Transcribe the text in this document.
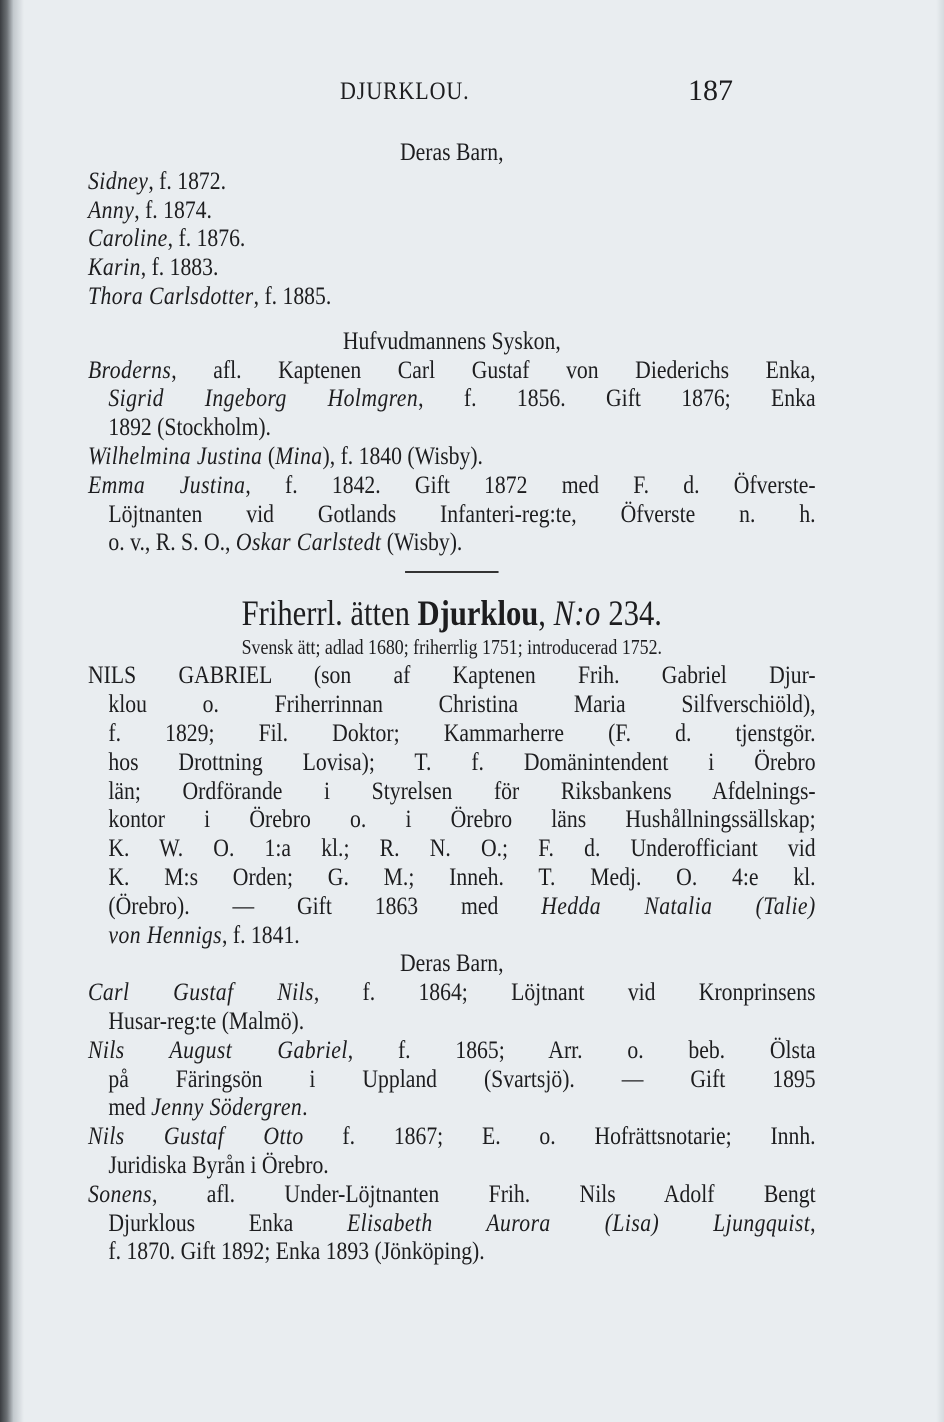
DJURKLOU.	187
Deras Barn,
Sidney, f. 1872.
Anny, f. 1874.
Caroline, f. 1876.
Karin, f. 1883.
Thora Carlsdotter, f. 1885.
Hufvudmannens Syskon,
Broderns, afl. Kaptenen Carl Gustaf von Diederichs Enka,
Sigrid Ingeborg Holmgren, f. 1856. Gift 1876; Enka
1892 (Stockholm).
Wilhelmina Justina (Mina), f. 1840 (Wisby).
Emma Justina, f. 1842. Gift 1872 med F. d. Öfverste-
Löjtnanten vid Gotlands Infanteri-reg:te, Öfverste n. h.
o. v., R. S. O., Oskar Carlstedt (Wisby).
Friherrl. ätten Djurklou, N:o 234.
Svensk ätt; adlad 1680; friherrlig 1751; introducerad 1752.
NILS GABRIEL (son af Kaptenen Frih. Gabriel Djur-
klou o. Friherrinnan Christina Maria Silfverschiöld),
f. 1829; Fil. Doktor; Kammarherre (F. d. tjenstgör.
hos Drottning Lovisa); T. f. Domänintendent i Örebro
län; Ordförande i Styrelsen för Riksbankens Afdelnings-
kontor i Örebro o. i Örebro läns Hushållningssällskap;
K. W. O. 1:a kl.; R. N. O.; F. d. Underofficiant vid
K. M:s Orden; G. M.; Inneh. T. Medj. O. 4:e kl.
(Örebro). — Gift 1863 med Hedda Natalia (Talie)
von Hennigs, f. 1841.
Deras Barn,
Carl Gustaf Nils, f. 1864; Löjtnant vid Kronprinsens
Husar-reg:te (Malmö).
Nils August Gabriel, f. 1865; Arr. o. beb. Ölsta
på Färingsön i Uppland (Svartsjö). — Gift 1895
med Jenny Södergren.
Nils Gustaf Otto f. 1867; E. o. Hofrättsnotarie; Innh.
Juridiska Byrån i Örebro.
Sonens, afl. Under-Löjtnanten Frih. Nils Adolf Bengt
Djurklous Enka Elisabeth Aurora (Lisa) Ljungquist,
f. 1870. Gift 1892; Enka 1893 (Jönköping).
